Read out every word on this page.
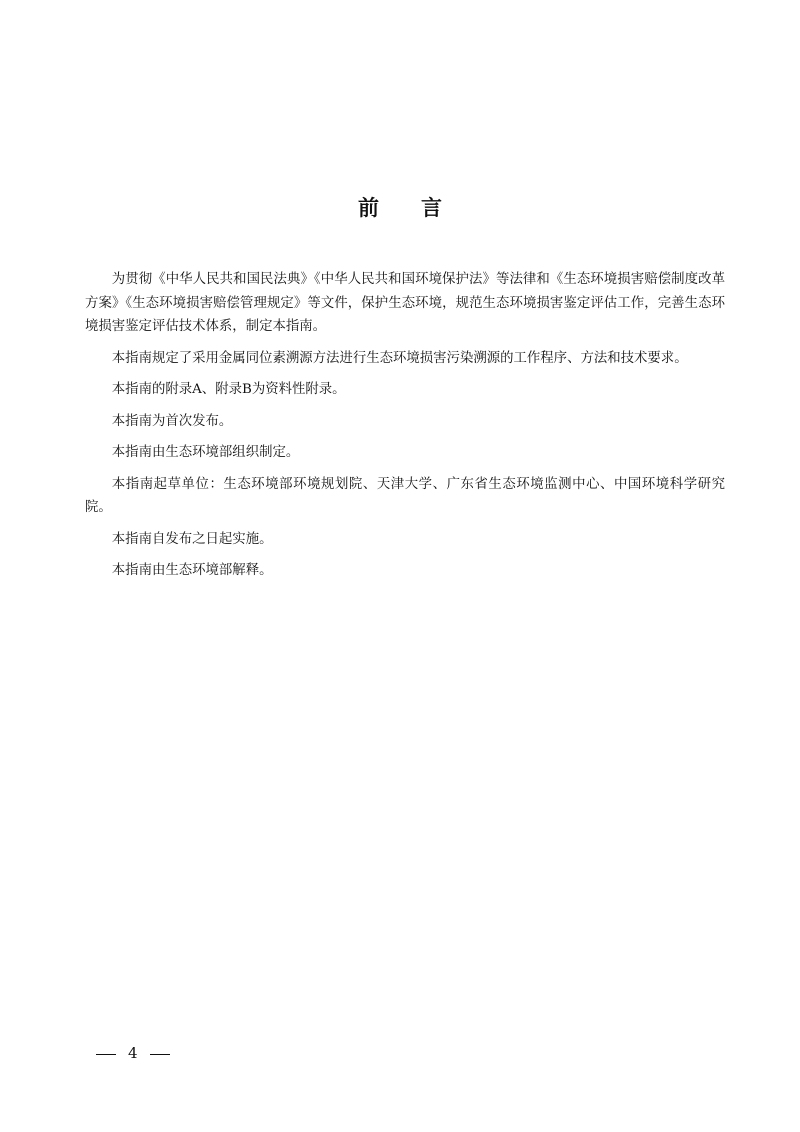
前言

为贯彻《中华人民共和国民法典》《中华人民共和国环境保护法》等法律和《生态环境损害赔偿制度改革方案》《生态环境损害赔偿管理规定》等文件，保护生态环境，规范生态环境损害鉴定评估工作，完善生态环境损害鉴定评估技术体系，制定本指南。

本指南规定了采用金属同位素溯源方法进行生态环境损害污染溯源的工作程序、方法和技术要求。

本指南的附录A、附录B为资料性附录。

本指南为首次发布。

本指南由生态环境部组织制定。

本指南起草单位：生态环境部环境规划院、天津大学、广东省生态环境监测中心、中国环境科学研究院。

本指南自发布之日起实施。

本指南由生态环境部解释。

4
